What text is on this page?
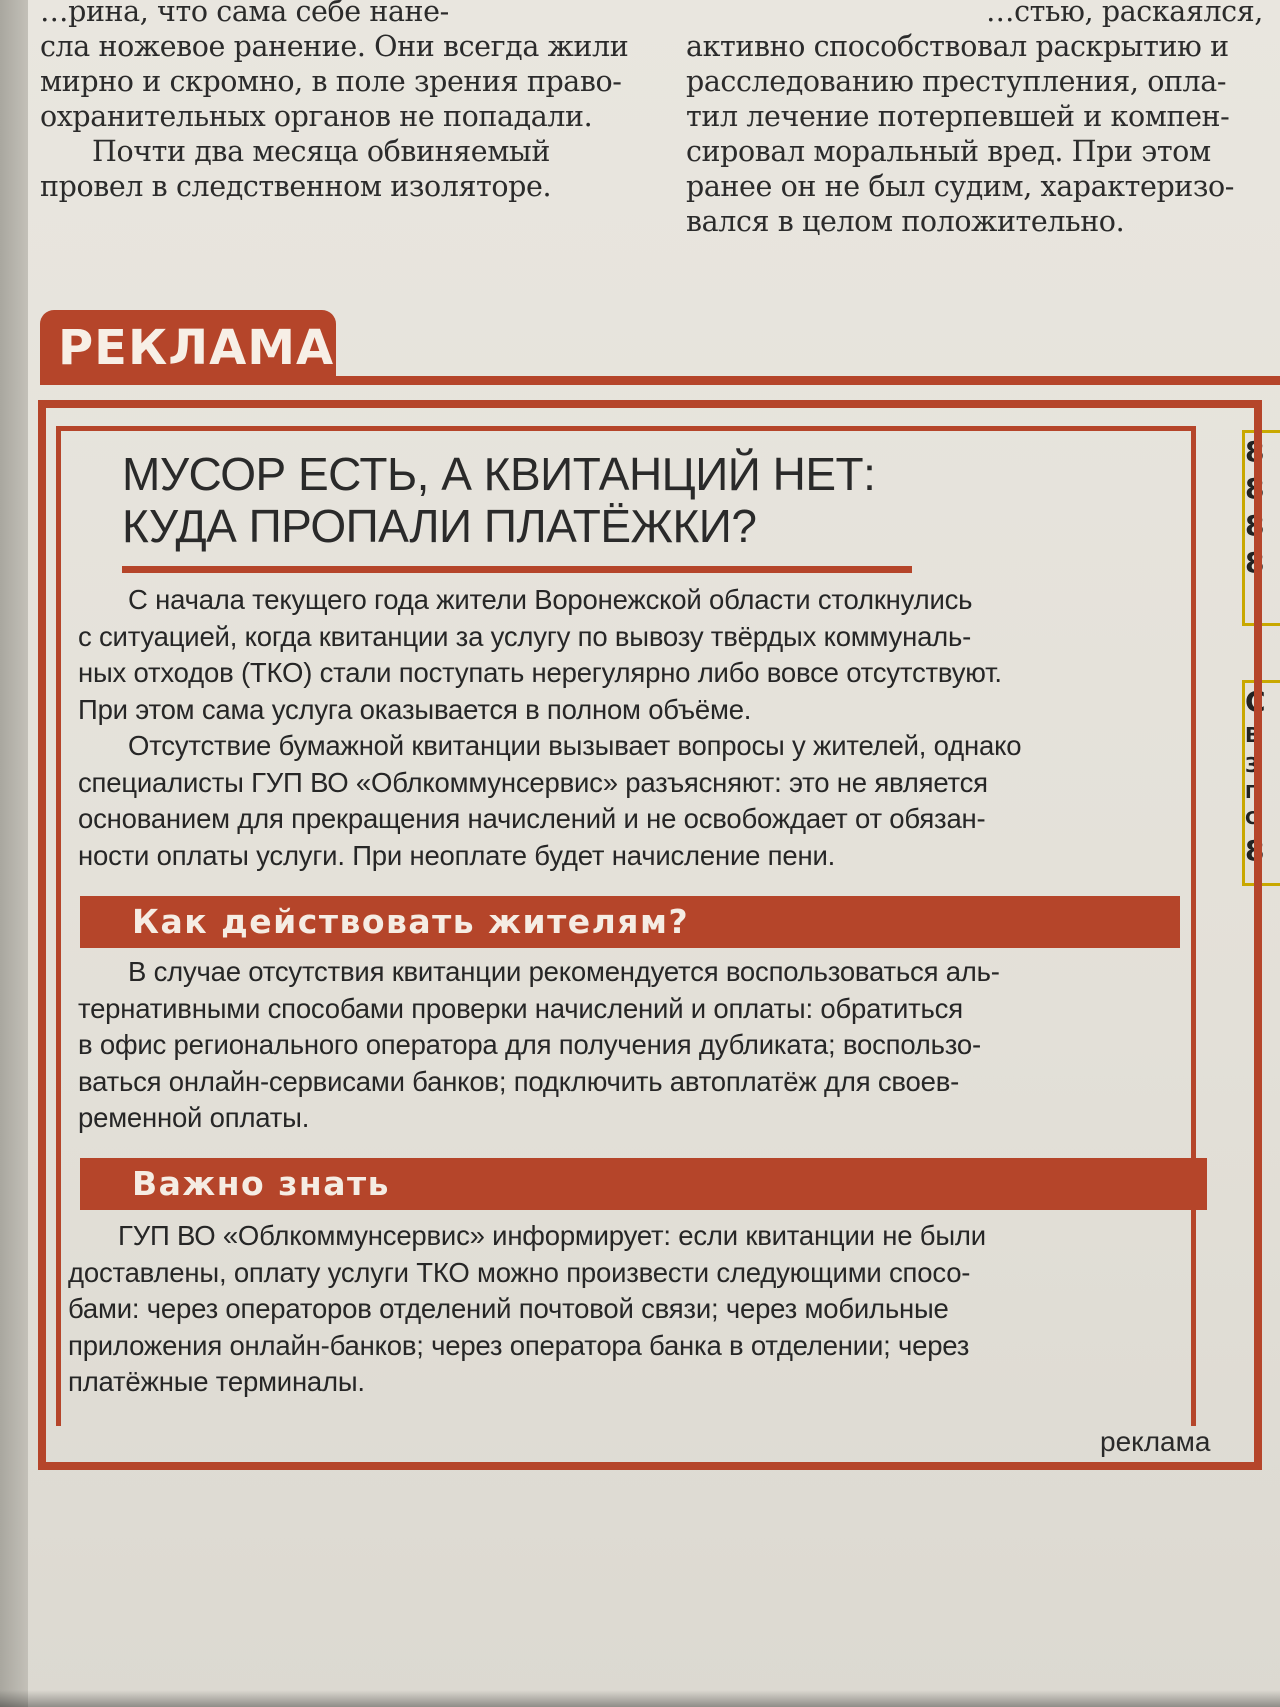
…рина, что сама себе нане-
сла ножевое ранение. Они всегда жили
мирно и скромно, в поле зрения право-
охранительных органов не попадали.
Почти два месяца обвиняемый
провел в следственном изоляторе.
…стью, раскаялся,
активно способствовал раскрытию и
расследованию преступления, опла-
тил лечение потерпевшей и компен-
сировал моральный вред. При этом
ранее он не был судим, характеризо-
вался в целом положительно.
РЕКЛАМА
8
8
8
8
С
В
З
П
С
8
МУСОР ЕСТЬ, А КВИТАНЦИЙ НЕТ:
КУДА ПРОПАЛИ ПЛАТЁЖКИ?
С начала текущего года жители Воронежской области столкнулись
с ситуацией, когда квитанции за услугу по вывозу твёрдых коммуналь-
ных отходов (ТКО) стали поступать нерегулярно либо вовсе отсутствуют.
При этом сама услуга оказывается в полном объёме.
Отсутствие бумажной квитанции вызывает вопросы у жителей, однако
специалисты ГУП ВО «Облкоммунсервис» разъясняют: это не является
основанием для прекращения начислений и не освобождает от обязан-
ности оплаты услуги. При неоплате будет начисление пени.
Как действовать жителям?
В случае отсутствия квитанции рекомендуется воспользоваться аль-
тернативными способами проверки начислений и оплаты: обратиться
в офис регионального оператора для получения дубликата; воспользо-
ваться онлайн-сервисами банков; подключить автоплатёж для своев-
ременной оплаты.
Важно знать
ГУП ВО «Облкоммунсервис» информирует: если квитанции не были
доставлены, оплату услуги ТКО можно произвести следующими спосо-
бами: через операторов отделений почтовой связи; через мобильные
приложения онлайн-банков; через оператора банка в отделении; через
платёжные терминалы.
реклама
